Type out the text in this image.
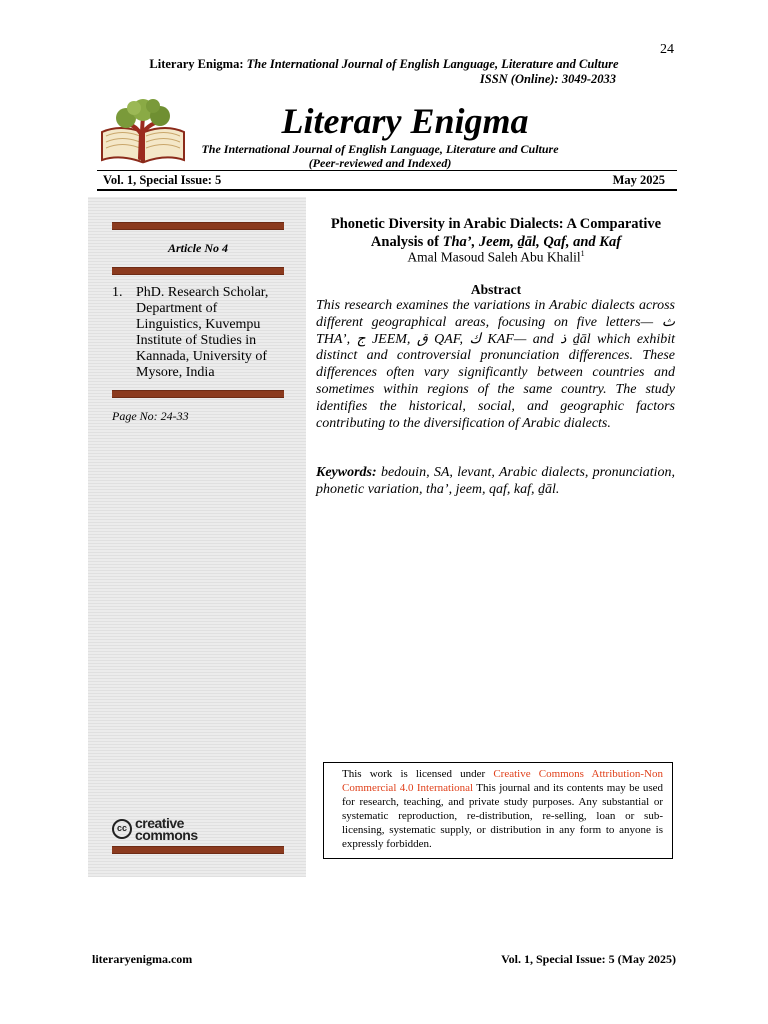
24
Literary Enigma: The International Journal of English Language, Literature and Culture
ISSN (Online): 3049-2033
Literary Enigma
The International Journal of English Language, Literature and Culture
(Peer-reviewed and Indexed)
Vol. 1, Special Issue: 5	May 2025
Article No 4
1. PhD. Research Scholar, Department of Linguistics, Kuvempu Institute of Studies in Kannada, University of Mysore, India
Page No: 24-33
cc creative
commons
Phonetic Diversity in Arabic Dialects: A Comparative
Analysis of Tha’, Jeem, ḏāl, Qaf, and Kaf
Amal Masoud Saleh Abu Khalil$^1$
Abstract
This research examines the variations in Arabic dialects across different geographical areas, focusing on five letters— ث THA’, ج JEEM, ق QAF, ك KAF— and ذ ḏāl which exhibit distinct and controversial pronunciation differences. These differences often vary significantly between countries and sometimes within regions of the same country. The study identifies the historical, social, and geographic factors contributing to the diversification of Arabic dialects.
Keywords: bedouin, SA, levant, Arabic dialects, pronunciation, phonetic variation, tha’, jeem, qaf, kaf, ḏāl.
This work is licensed under Creative Commons Attribution-Non Commercial 4.0 International This journal and its contents may be used for research, teaching, and private study purposes. Any substantial or systematic reproduction, re-distribution, re-selling, loan or sub-licensing, systematic supply, or distribution in any form to anyone is expressly forbidden.
literaryenigma.com	Vol. 1, Special Issue: 5 (May 2025)
